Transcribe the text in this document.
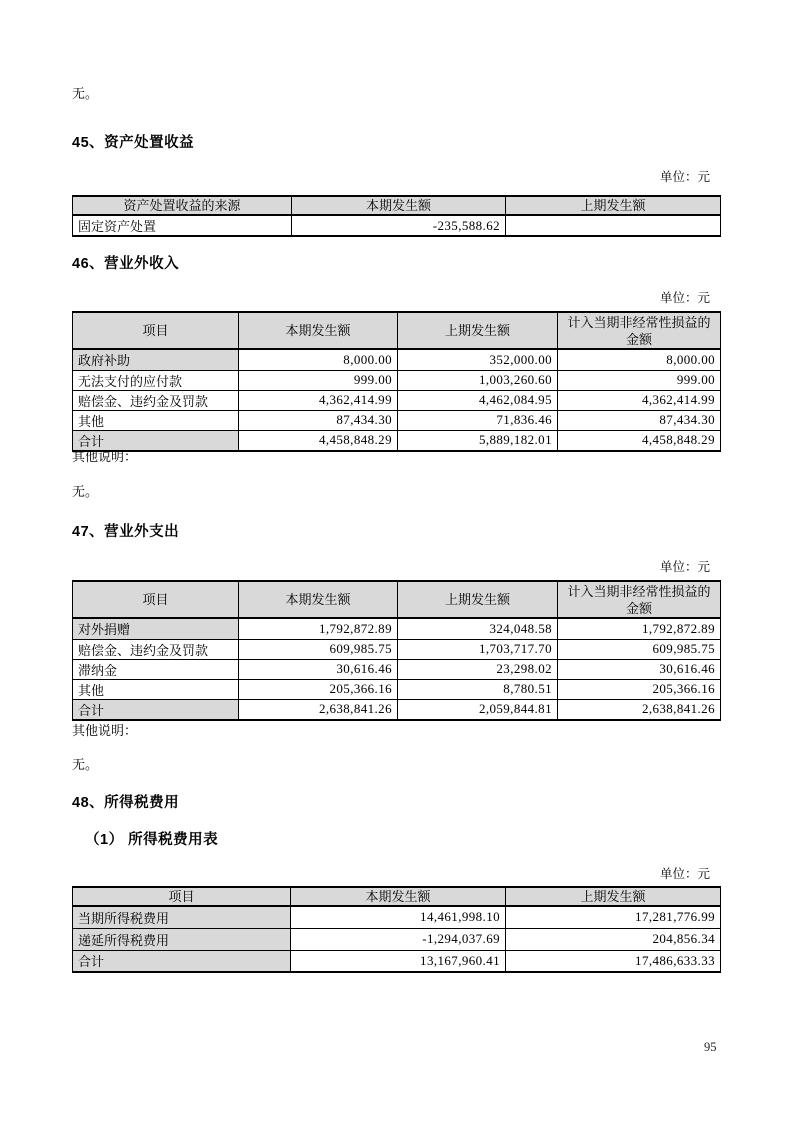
无。
45、资产处置收益
单位：元
资产处置收益的来源	本期发生额	上期发生额
固定资产处置	-235,588.62	
46、营业外收入
单位：元
项目	本期发生额	上期发生额	计入当期非经常性损益的金额
政府补助	8,000.00	352,000.00	8,000.00
无法支付的应付款	999.00	1,003,260.60	999.00
赔偿金、违约金及罚款	4,362,414.99	4,462,084.95	4,362,414.99
其他	87,434.30	71,836.46	87,434.30
合计	4,458,848.29	5,889,182.01	4,458,848.29
其他说明：
无。
47、营业外支出
单位：元
项目	本期发生额	上期发生额	计入当期非经常性损益的金额
对外捐赠	1,792,872.89	324,048.58	1,792,872.89
赔偿金、违约金及罚款	609,985.75	1,703,717.70	609,985.75
滞纳金	30,616.46	23,298.02	30,616.46
其他	205,366.16	8,780.51	205,366.16
合计	2,638,841.26	2,059,844.81	2,638,841.26
其他说明：
无。
48、所得税费用
（1） 所得税费用表
单位：元
项目	本期发生额	上期发生额
当期所得税费用	14,461,998.10	17,281,776.99
递延所得税费用	-1,294,037.69	204,856.34
合计	13,167,960.41	17,486,633.33
95
